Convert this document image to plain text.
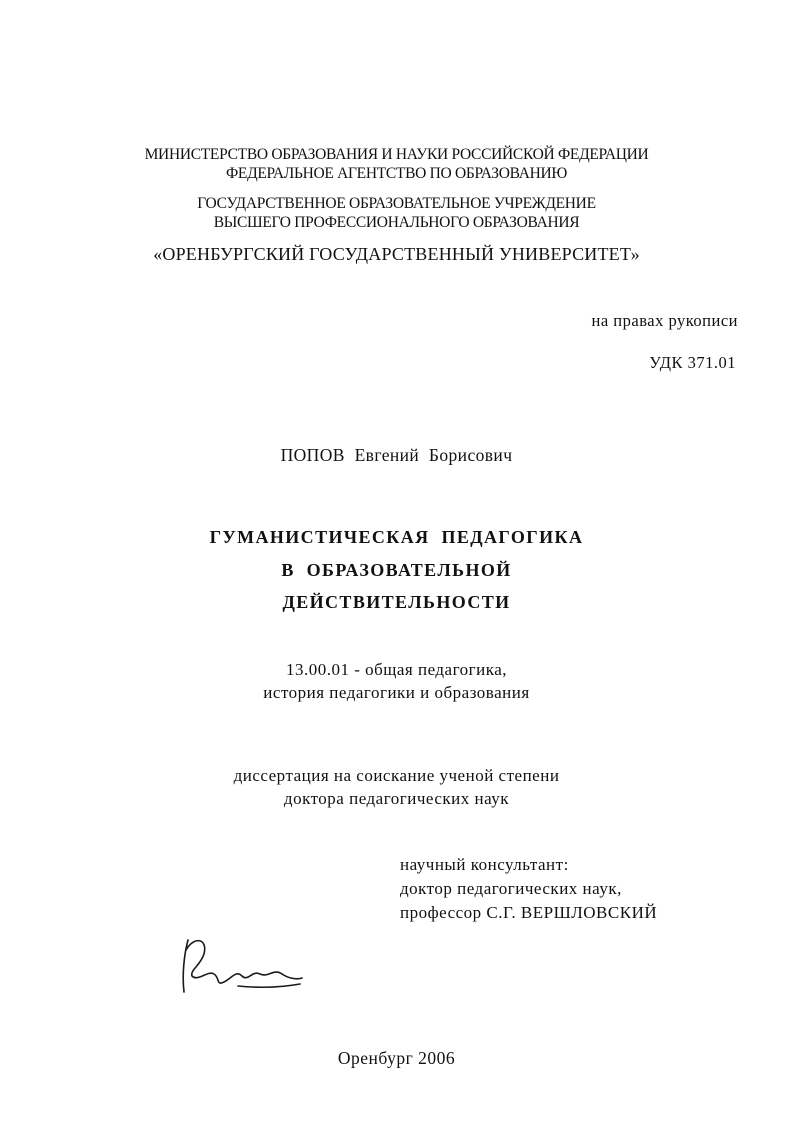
МИНИСТЕРСТВО ОБРАЗОВАНИЯ И НАУКИ РОССИЙСКОЙ ФЕДЕРАЦИИ
ФЕДЕРАЛЬНОЕ АГЕНТСТВО ПО ОБРАЗОВАНИЮ
ГОСУДАРСТВЕННОЕ ОБРАЗОВАТЕЛЬНОЕ УЧРЕЖДЕНИЕ
ВЫСШЕГО ПРОФЕССИОНАЛЬНОГО ОБРАЗОВАНИЯ
«ОРЕНБУРГСКИЙ ГОСУДАРСТВЕННЫЙ УНИВЕРСИТЕТ»
на правах рукописи
УДК 371.01
ПОПОВ Евгений Борисович
ГУМАНИСТИЧЕСКАЯ ПЕДАГОГИКА
В ОБРАЗОВАТЕЛЬНОЙ
ДЕЙСТВИТЕЛЬНОСТИ
13.00.01 - общая педагогика,
история педагогики и образования
диссертация на соискание ученой степени
доктора педагогических наук
научный консультант:
доктор педагогических наук,
профессор С.Г. ВЕРШЛОВСКИЙ
Оренбург 2006
